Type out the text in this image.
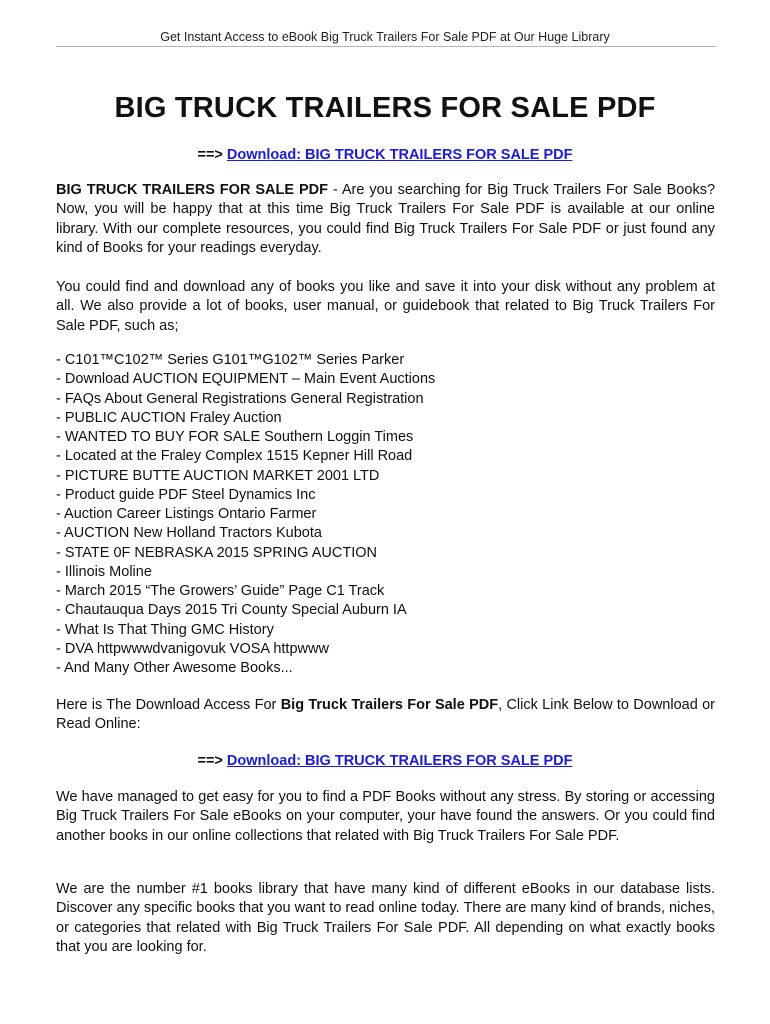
Get Instant Access to eBook Big Truck Trailers For Sale PDF at Our Huge Library
BIG TRUCK TRAILERS FOR SALE PDF
==> Download: BIG TRUCK TRAILERS FOR SALE PDF

BIG TRUCK TRAILERS FOR SALE PDF - Are you searching for Big Truck Trailers For Sale Books? Now, you will be happy that at this time Big Truck Trailers For Sale PDF is available at our online library. With our complete resources, you could find Big Truck Trailers For Sale PDF or just found any kind of Books for your readings everyday.

You could find and download any of books you like and save it into your disk without any problem at all. We also provide a lot of books, user manual, or guidebook that related to Big Truck Trailers For Sale PDF, such as;

- C101™C102™ Series G101™G102™ Series Parker
- Download AUCTION EQUIPMENT – Main Event Auctions
- FAQs About General Registrations General Registration
- PUBLIC AUCTION Fraley Auction
- WANTED TO BUY FOR SALE Southern Loggin Times
- Located at the Fraley Complex 1515 Kepner Hill Road
- PICTURE BUTTE AUCTION MARKET 2001 LTD
- Product guide PDF Steel Dynamics Inc
- Auction Career Listings Ontario Farmer
- AUCTION New Holland Tractors Kubota
- STATE 0F NEBRASKA 2015 SPRING AUCTION
- Illinois Moline
- March 2015 “The Growers’ Guide” Page C1 Track
- Chautauqua Days 2015 Tri County Special Auburn IA
- What Is That Thing GMC History
- DVA httpwwwdvanigovuk VOSA httpwww
- And Many Other Awesome Books...

Here is The Download Access For Big Truck Trailers For Sale PDF, Click Link Below to Download or Read Online:

==> Download: BIG TRUCK TRAILERS FOR SALE PDF

We have managed to get easy for you to find a PDF Books without any stress. By storing or accessing Big Truck Trailers For Sale eBooks on your computer, your have found the answers. Or you could find another books in our online collections that related with Big Truck Trailers For Sale PDF.

We are the number #1 books library that have many kind of different eBooks in our database lists. Discover any specific books that you want to read online today. There are many kind of brands, niches, or categories that related with Big Truck Trailers For Sale PDF. All depending on what exactly books that you are looking for.
